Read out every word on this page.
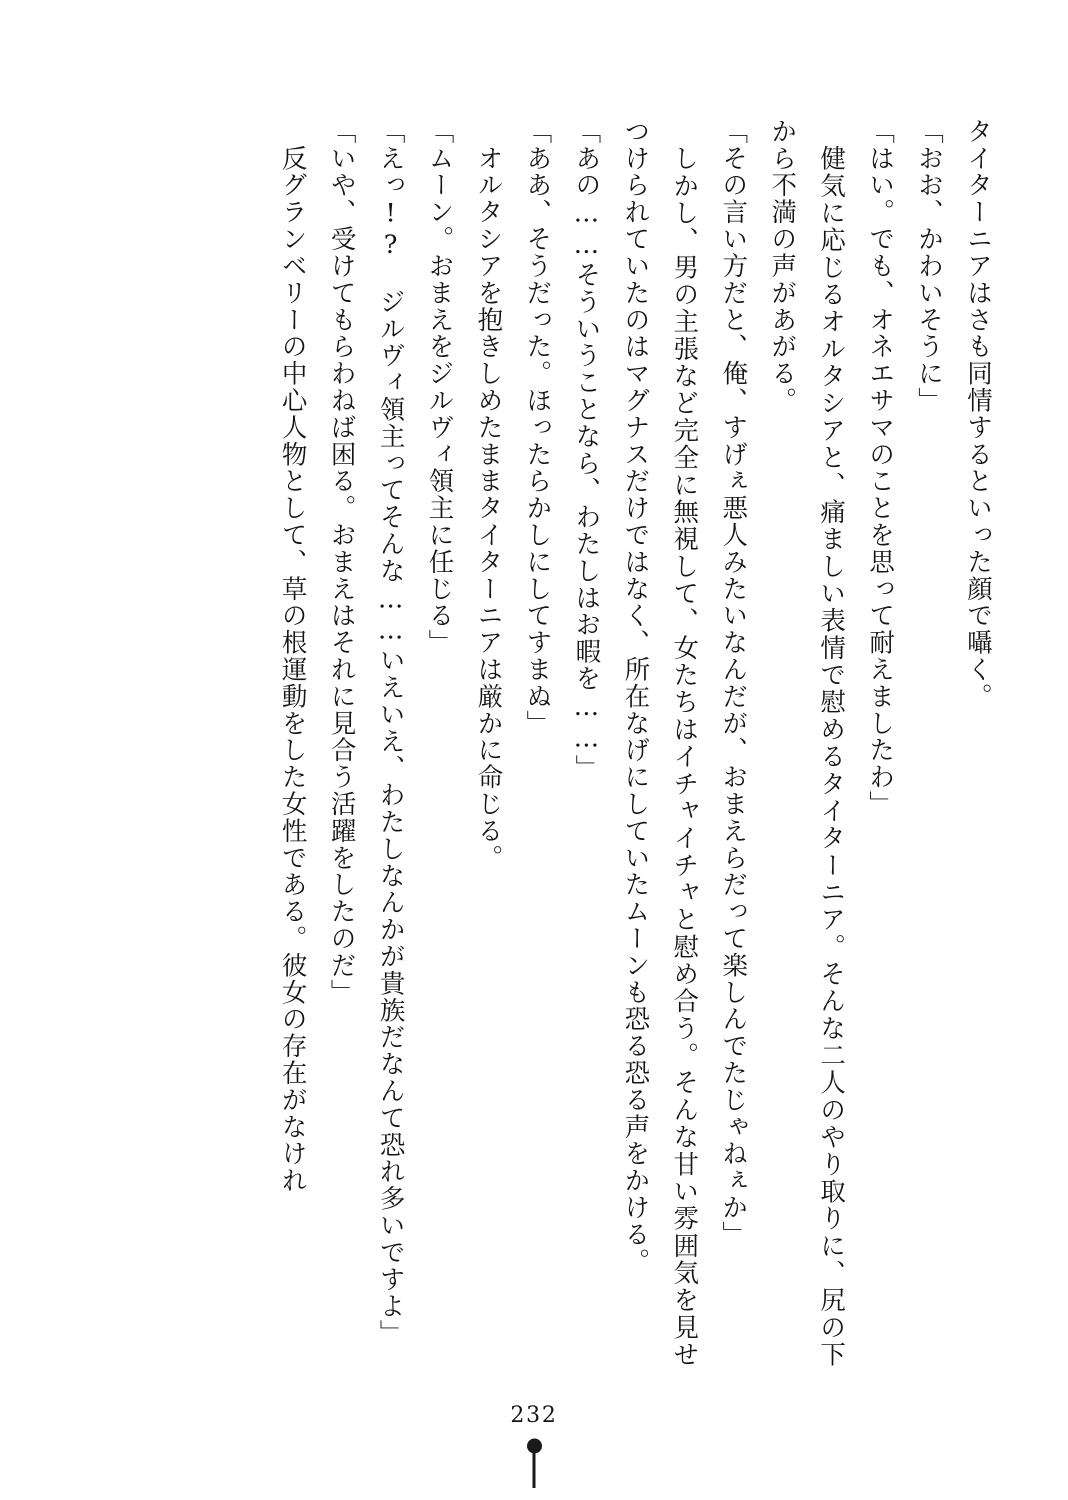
タイターニアはさも同情するといった顔で囁く。

「おお、かわいそうに」

「はい。でも、オネエサマのことを思って耐えましたわ」

　健気に応じるオルタシアと、痛ましい表情で慰めるタイターニア。そんな二人のやり取りに、尻の下から不満の声があがる。

「その言い方だと、俺、すげぇ悪人みたいなんだが、おまえらだって楽しんでたじゃねぇか」

　しかし、男の主張など完全に無視して、女たちはイチャイチャと慰め合う。そんな甘い雰囲気を見せつけられていたのはマグナスだけではなく、所在なげにしていたムーンも恐る恐る声をかける。

「あの……そういうことなら、わたしはお暇を……」

「ああ、そうだった。ほったらかしにしてすまぬ」

　オルタシアを抱きしめたままタイターニアは厳かに命じる。

「ムーン。おまえをジルヴィ領主に任じる」

「えっ!?　ジルヴィ領主ってそんな……いえいえ、わたしなんかが貴族だなんて恐れ多いですよ」

「いや、受けてもらわねば困る。おまえはそれに見合う活躍をしたのだ」

　反グランベリーの中心人物として、草の根運動をした女性である。彼女の存在がなけれ

232
